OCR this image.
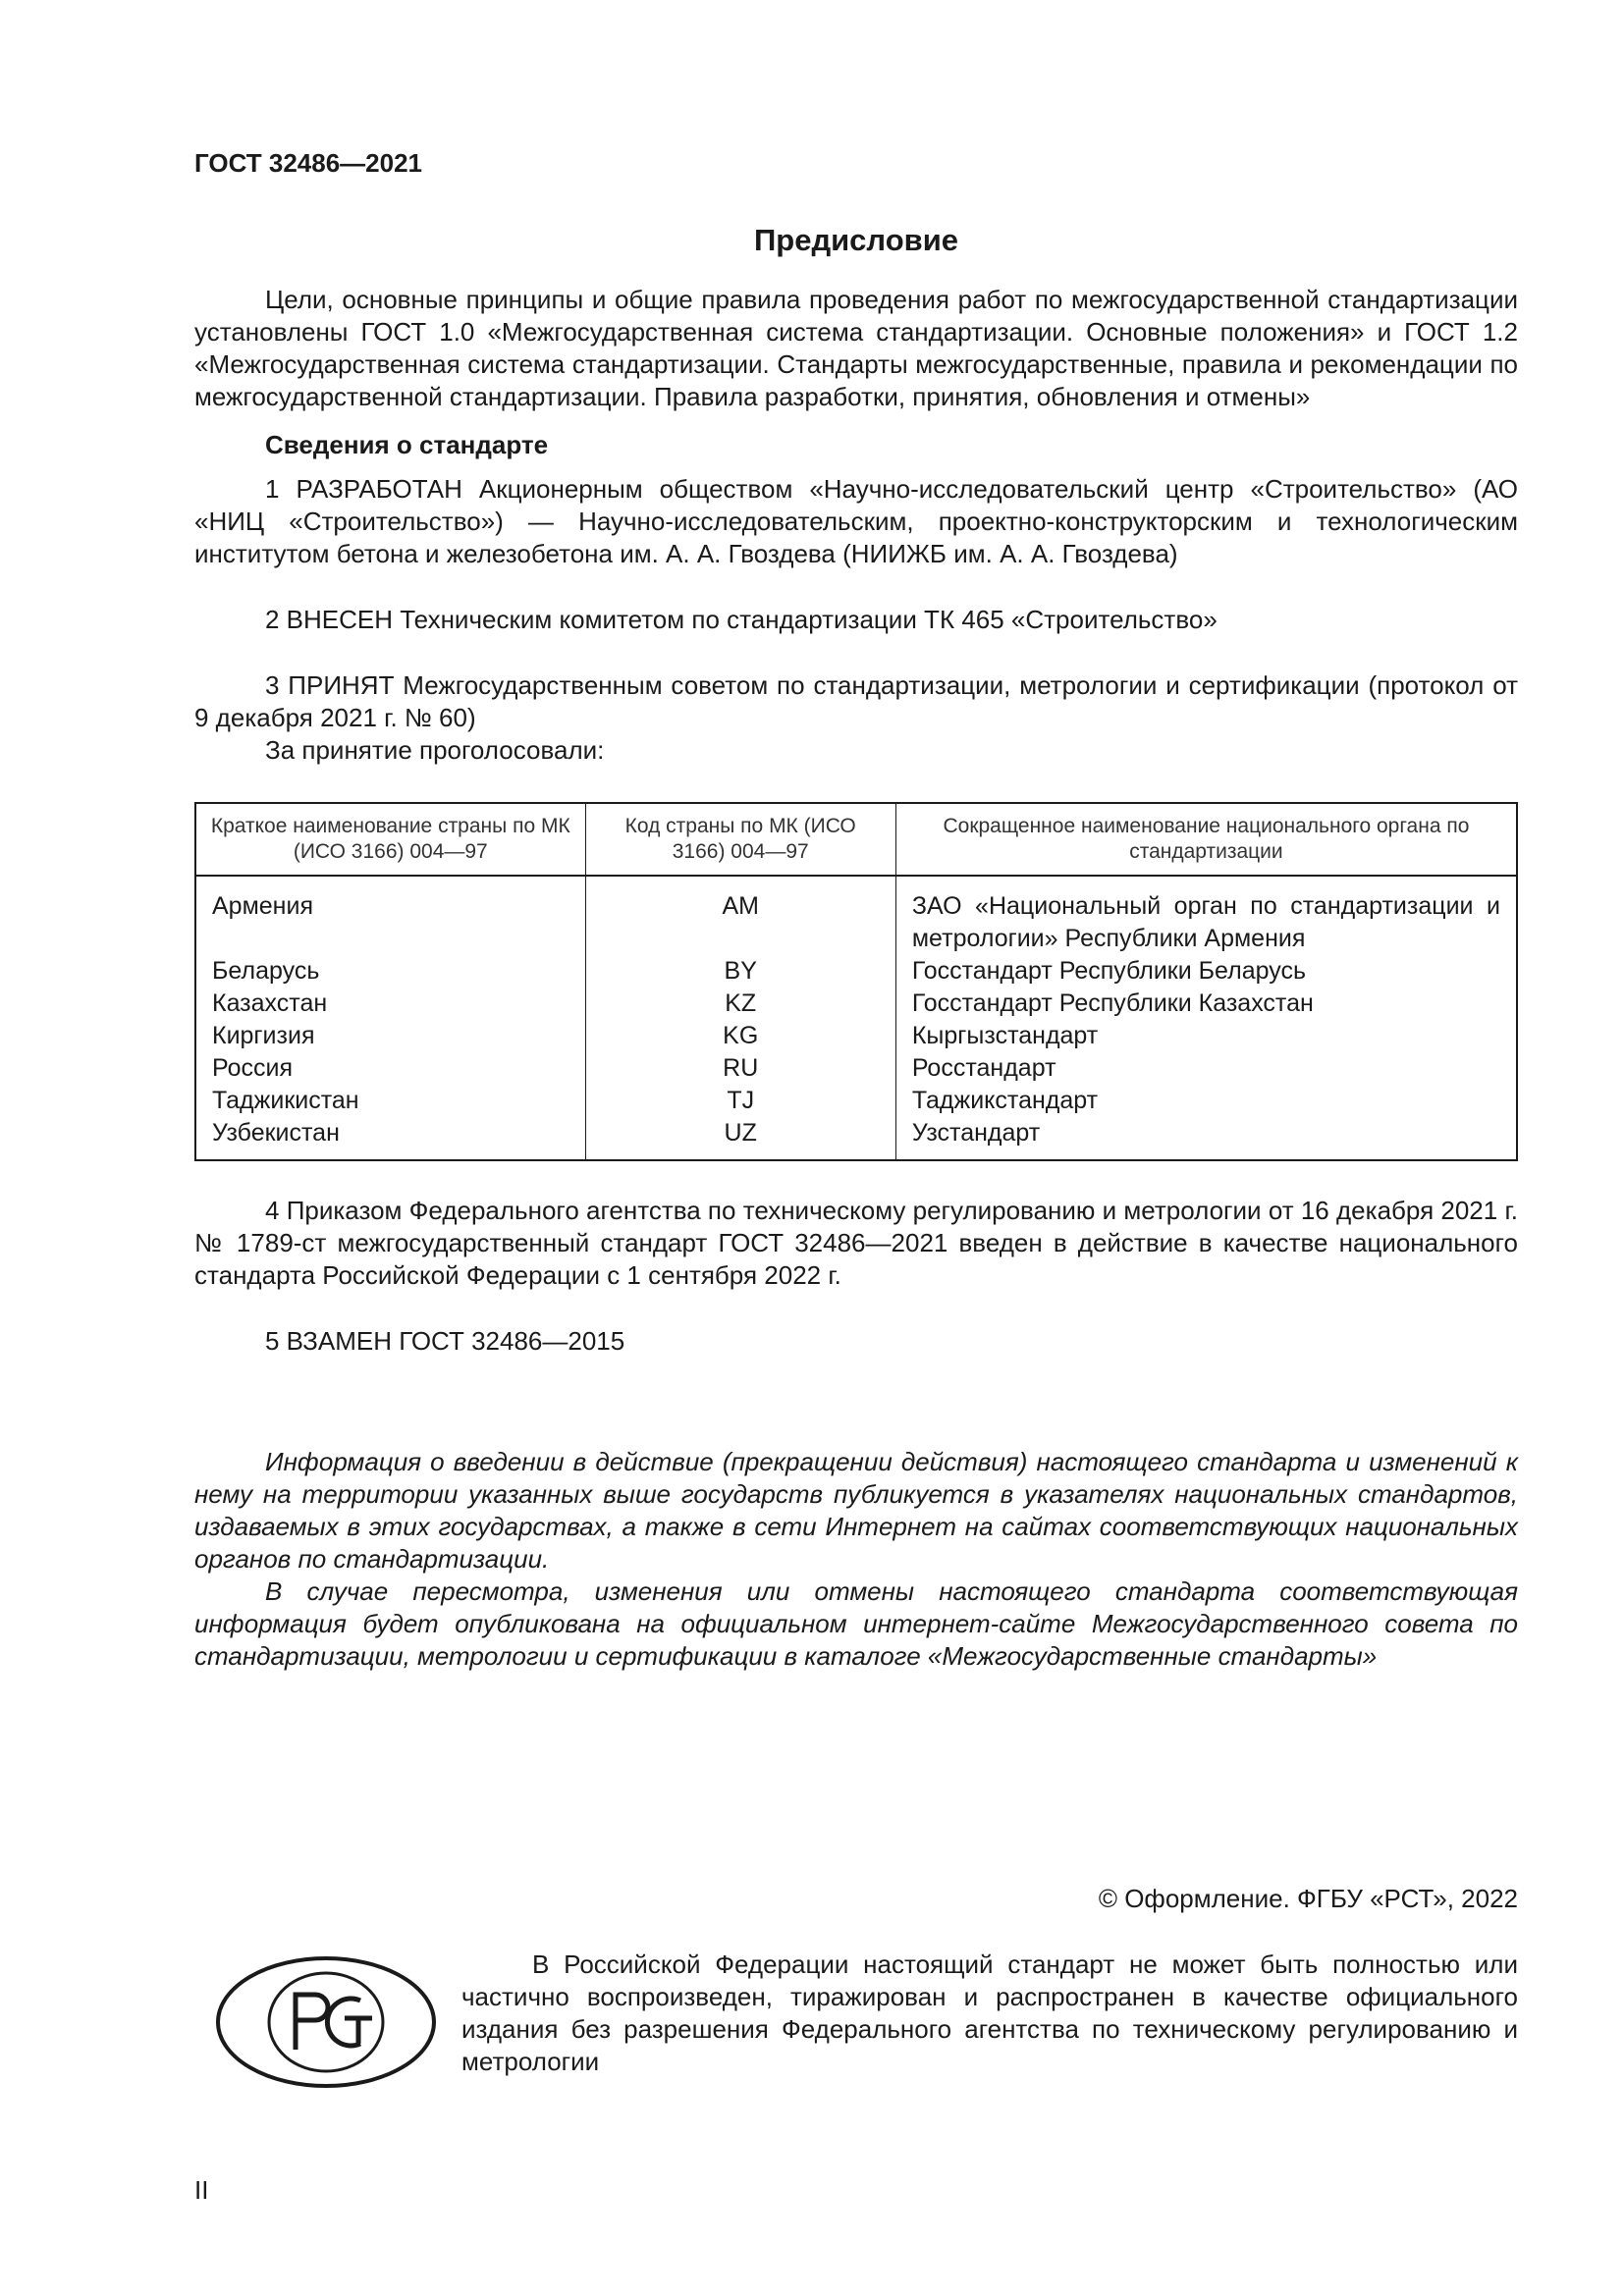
ГОСТ 32486—2021
Предисловие

Цели, основные принципы и общие правила проведения работ по межгосударственной стандартизации установлены ГОСТ 1.0 «Межгосударственная система стандартизации. Основные положения» и ГОСТ 1.2 «Межгосударственная система стандартизации. Стандарты межгосударственные, правила и рекомендации по межгосударственной стандартизации. Правила разработки, принятия, обновления и отмены»

Сведения о стандарте

1 РАЗРАБОТАН Акционерным обществом «Научно-исследовательский центр «Строительство» (АО «НИЦ «Строительство») — Научно-исследовательским, проектно-конструкторским и технологическим институтом бетона и железобетона им. А. А. Гвоздева (НИИЖБ им. А. А. Гвоздева)

2 ВНЕСЕН Техническим комитетом по стандартизации ТК 465 «Строительство»

3 ПРИНЯТ Межгосударственным советом по стандартизации, метрологии и сертификации (протокол от 9 декабря 2021 г. № 60)

За принятие проголосовали:

Краткое наименование страны по МК (ИСО 3166) 004—97	Код страны по МК (ИСО 3166) 004—97	Сокращенное наименование национального органа по стандартизации
Армения	AM	ЗАО «Национальный орган по стандартизации и метрологии» Республики Армения
Беларусь	BY	Госстандарт Республики Беларусь
Казахстан	KZ	Госстандарт Республики Казахстан
Киргизия	KG	Кыргызстандарт
Россия	RU	Росстандарт
Таджикистан	TJ	Таджикстандарт
Узбекистан	UZ	Узстандарт

4 Приказом Федерального агентства по техническому регулированию и метрологии от 16 декабря 2021 г. № 1789-ст межгосударственный стандарт ГОСТ 32486—2021 введен в действие в качестве национального стандарта Российской Федерации с 1 сентября 2022 г.

5 ВЗАМЕН ГОСТ 32486—2015

Информация о введении в действие (прекращении действия) настоящего стандарта и изменений к нему на территории указанных выше государств публикуется в указателях национальных стандартов, издаваемых в этих государствах, а также в сети Интернет на сайтах соответствующих национальных органов по стандартизации.

В случае пересмотра, изменения или отмены настоящего стандарта соответствующая информация будет опубликована на официальном интернет-сайте Межгосударственного совета по стандартизации, метрологии и сертификации в каталоге «Межгосударственные стандарты»

© Оформление. ФГБУ «РСТ», 2022

В Российской Федерации настоящий стандарт не может быть полностью или частично воспроизведен, тиражирован и распространен в качестве официального издания без разрешения Федерального агентства по техническому регулированию и метрологии

II
